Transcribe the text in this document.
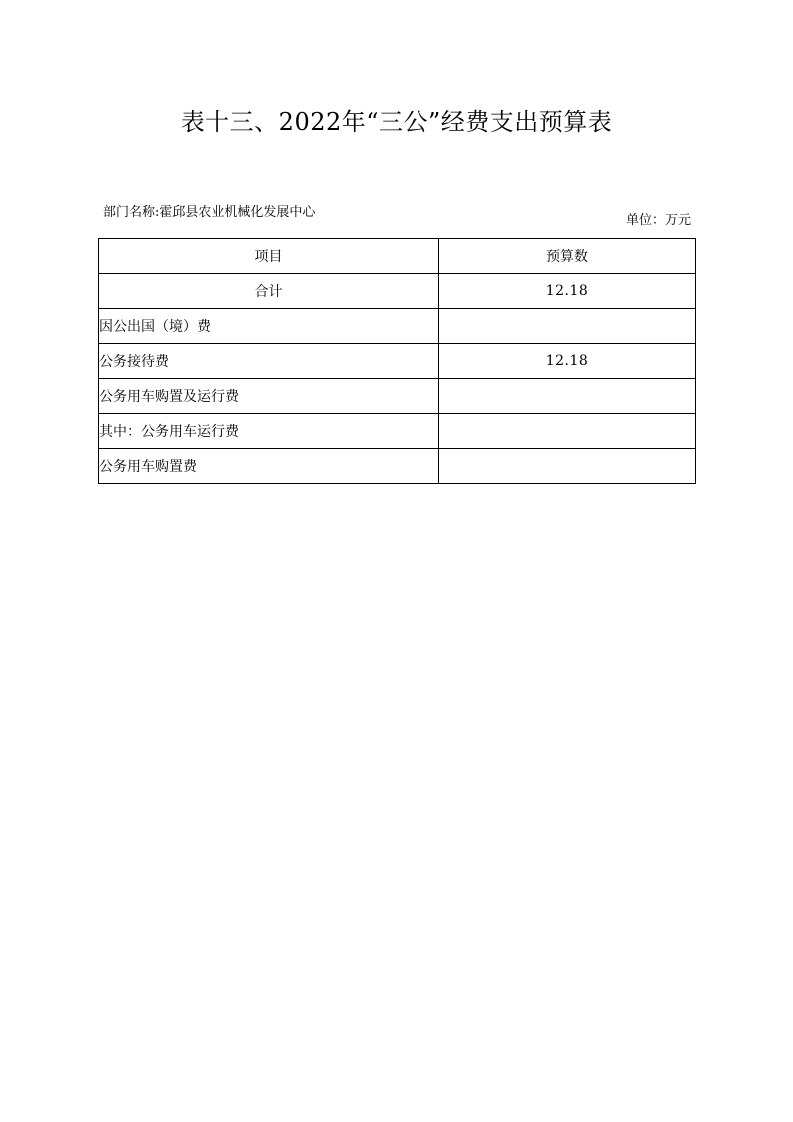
表十三、2022年“三公”经费支出预算表
部门名称:霍邱县农业机械化发展中心
单位：万元
项目	预算数
合计	12.18
因公出国（境）费	
公务接待费	12.18
公务用车购置及运行费	
其中：公务用车运行费	
公务用车购置费	
